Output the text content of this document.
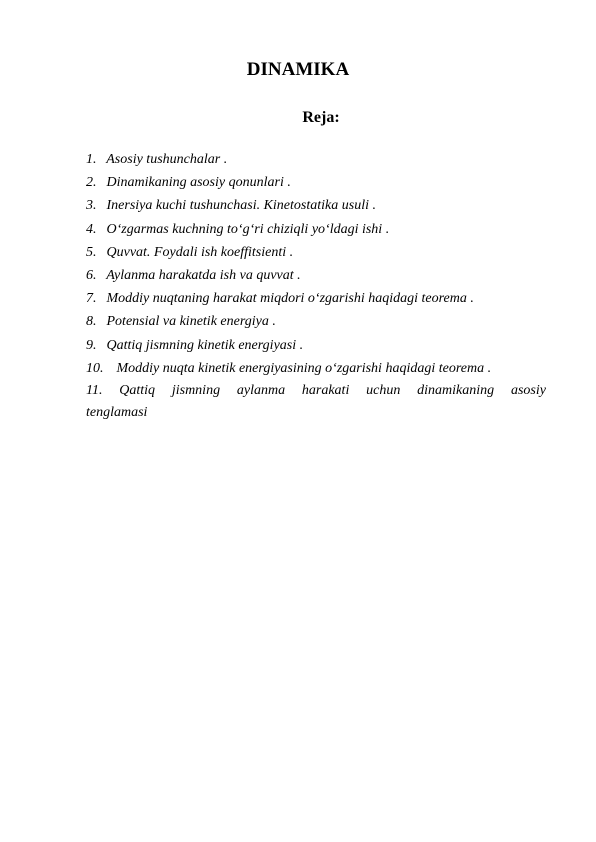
DINAMIKA
Reja:
1. Asosiy tushunchalar .
2. Dinamikaning asosiy qonunlari .
3. Inersiya kuchi tushunchasi. Kinetostatika usuli .
4. O‘zgarmas kuchning to‘g‘ri chiziqli yo‘ldagi ishi .
5. Quvvat. Foydali ish koeffitsienti .
6. Aylanma harakatda ish va quvvat .
7. Moddiy nuqtaning harakat miqdori o‘zgarishi haqidagi teorema .
8. Potensial va kinetik energiya .
9. Qattiq jismning kinetik energiyasi .
10. Moddiy nuqta kinetik energiyasining o‘zgarishi haqidagi teorema .
11. Qattiq jismning aylanma harakati uchun dinamikaning asosiy
tenglamasi
